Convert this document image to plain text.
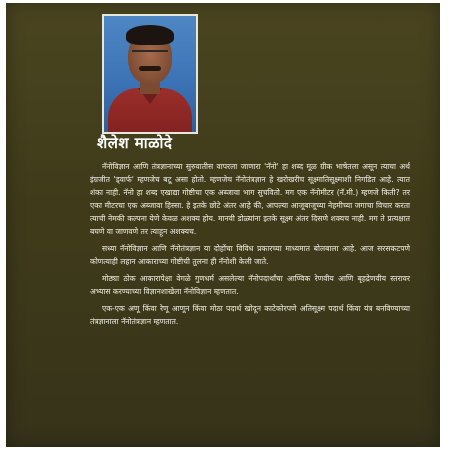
शैलेश माळोदे

नॅनोविज्ञान आणि तंत्रज्ञानाच्या सुरुवातीस वापरला जाणारा 'नॅनो' हा शब्द मूळ ग्रीक भाषेतला असून त्याचा अर्थ इंग्रजीत 'ड्वार्फ' म्हणजेच बटू असा होतो. म्हणजेच नॅनोतंत्रज्ञान हे खरोखरीच सूक्ष्मातिसूक्ष्माशी निगडित आहे. त्यात शंका नाही. नॅनो हा शब्द एखाद्या गोष्टीचा एक अब्जावा भाग सुचवितो. मग एक नॅनोमीटर (नॅ.मी.) म्हणजे किती? तर एका मीटरचा एक अब्जावा हिस्सा. हे इतके छोटे अंतर आहे की, आपल्या आजूबाजूच्या नेहमीच्या जगाचा विचार करता त्याची नेमकी कल्पना येणे केवळ अशक्य होय. मानवी डोळ्यांना इतके सूक्ष्म अंतर दिसणे शक्यच नाही. मग ते प्रत्यक्षात बघणे वा जाणवणे तर त्याहून अशक्यच.

सध्या नॅनोविज्ञान आणि नॅनोतंत्रज्ञान या दोहोंचा विविध प्रकारच्या माध्यमात बोलबाला आहे. आज सरसकटपणे कोणत्याही लहान आकाराच्या गोष्टीची तुलना ही नॅनोशी केली जाते.

मोठ्या ठोक आकारापेक्षा वेगळे गुणधर्म असलेल्या नॅनोपदार्थांचा आण्विक रेणवीय आणि बृहद्रेणवीय स्तरावर अभ्यास करण्याच्या विज्ञानशाखेला नॅनोविज्ञान म्हणतात.

एक-एक अणू किंवा रेणू आणून किंवा मोठा पदार्थ खोदून काटेकोरपणे अतिसूक्ष्म पदार्थ किंवा यंत्र बनविण्याच्या तंत्रज्ञानाला नॅनोतंत्रज्ञान म्हणतात.
